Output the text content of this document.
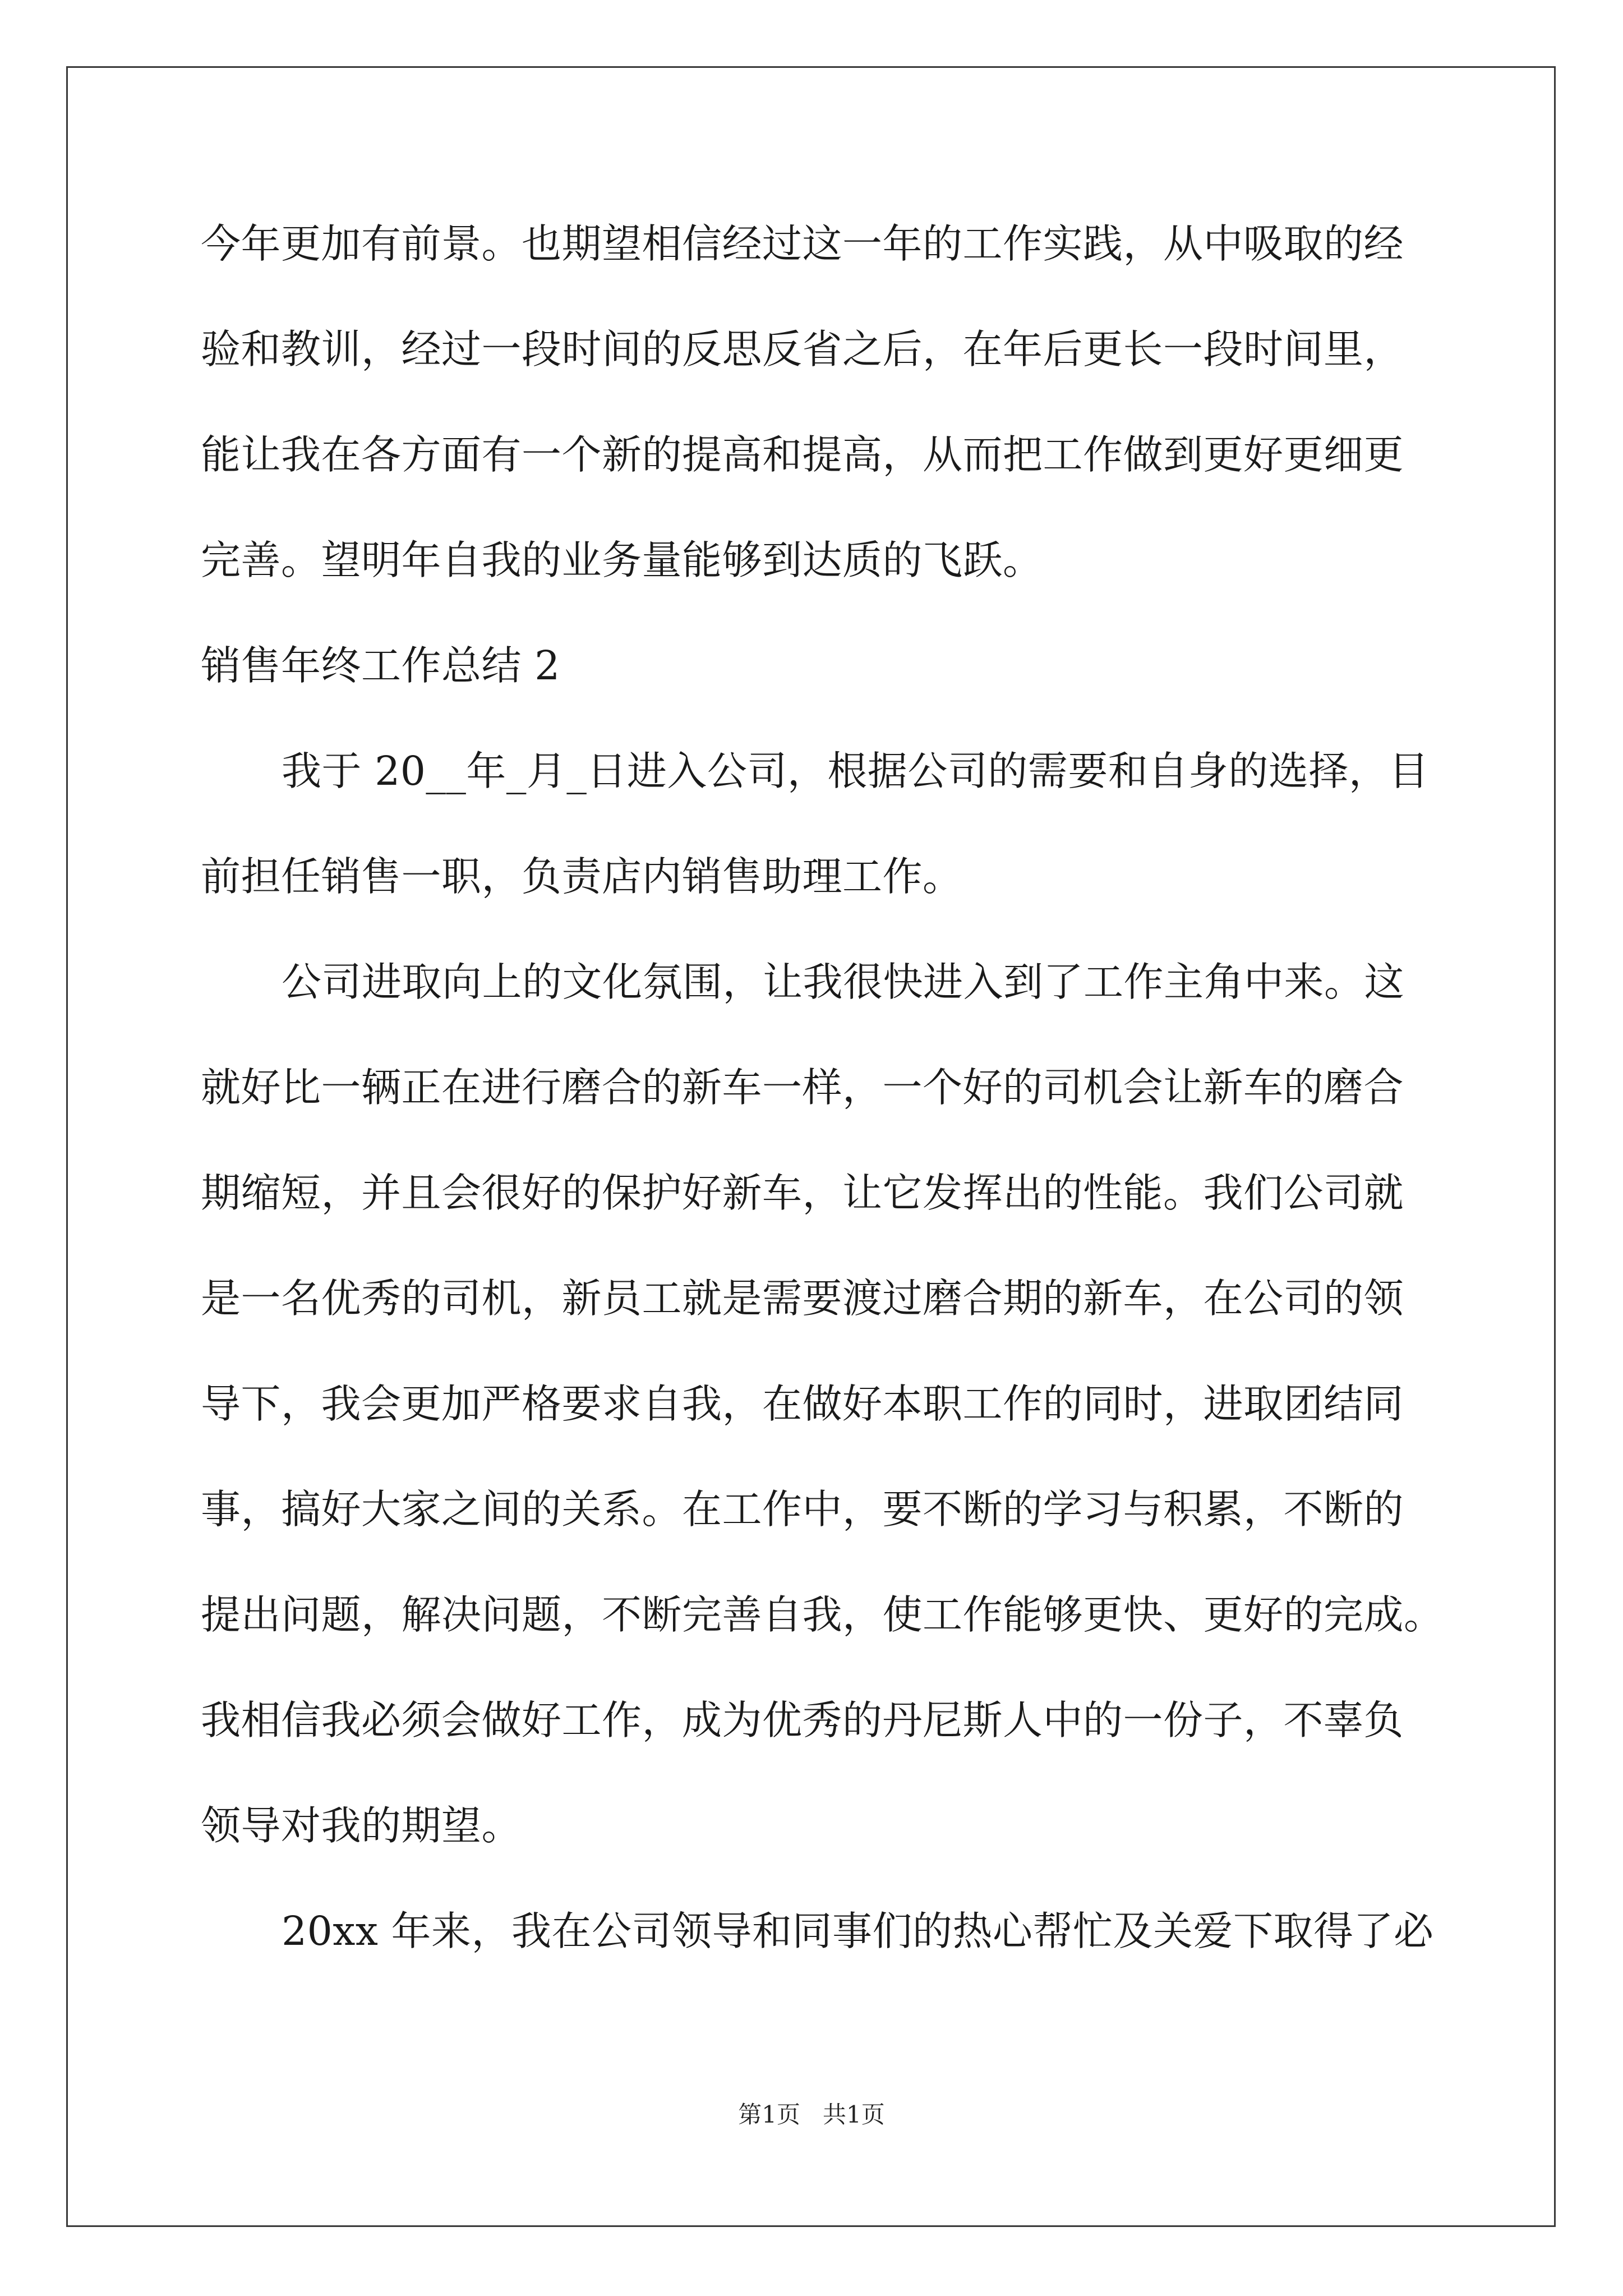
今年更加有前景。也期望相信经过这一年的工作实践，从中吸取的经
验和教训，经过一段时间的反思反省之后，在年后更长一段时间里，
能让我在各方面有一个新的提高和提高，从而把工作做到更好更细更
完善。望明年自我的业务量能够到达质的飞跃。
销售年终工作总结 2
我于 20__年_月_日进入公司，根据公司的需要和自身的选择，目
前担任销售一职，负责店内销售助理工作。
公司进取向上的文化氛围，让我很快进入到了工作主角中来。这
就好比一辆正在进行磨合的新车一样，一个好的司机会让新车的磨合
期缩短，并且会很好的保护好新车，让它发挥出的性能。我们公司就
是一名优秀的司机，新员工就是需要渡过磨合期的新车，在公司的领
导下，我会更加严格要求自我，在做好本职工作的同时，进取团结同
事，搞好大家之间的关系。在工作中，要不断的学习与积累，不断的
提出问题，解决问题，不断完善自我，使工作能够更快、更好的完成。
我相信我必须会做好工作，成为优秀的丹尼斯人中的一份子，不辜负
领导对我的期望。
20xx 年来，我在公司领导和同事们的热心帮忙及关爱下取得了必
第1页 共1页
